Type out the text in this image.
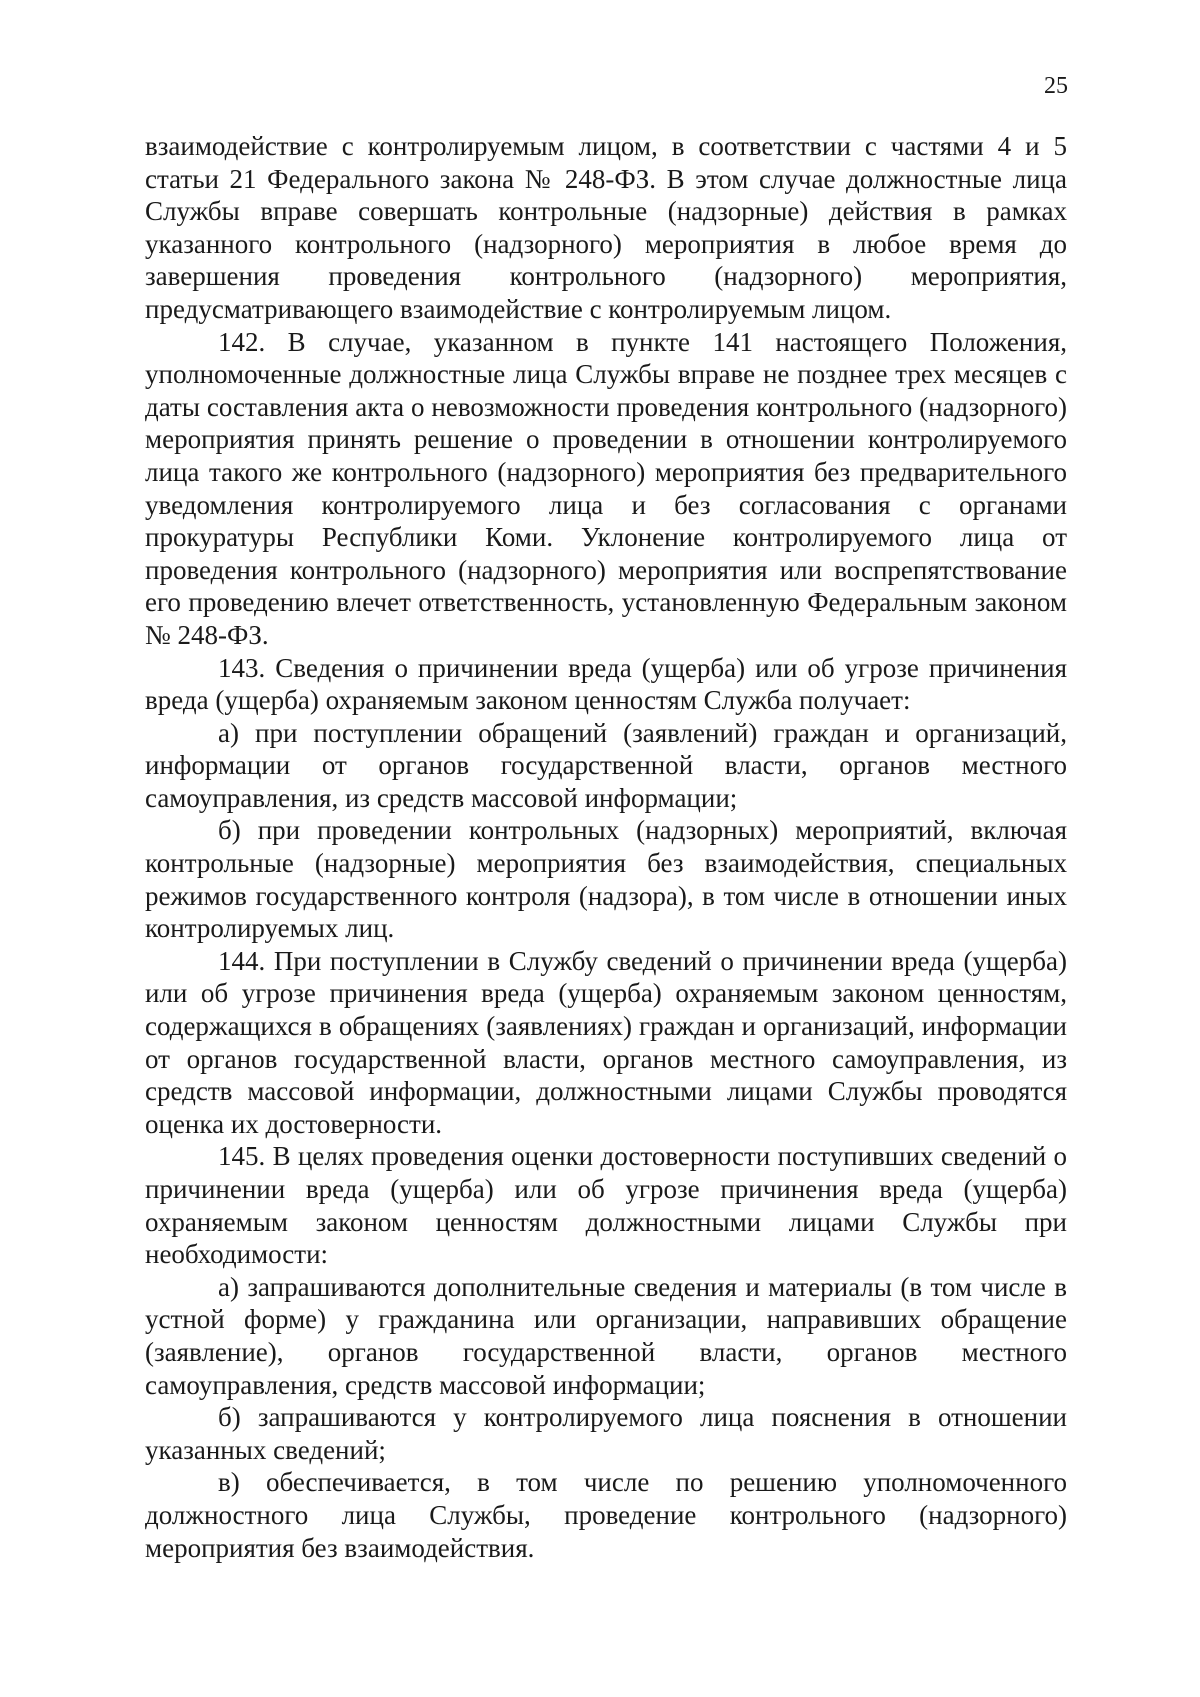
25

взаимодействие с контролируемым лицом, в соответствии с частями 4 и 5 статьи 21 Федерального закона № 248-ФЗ. В этом случае должностные лица Службы вправе совершать контрольные (надзорные) действия в рамках указанного контрольного (надзорного) мероприятия в любое время до завершения проведения контрольного (надзорного) мероприятия, предусматривающего взаимодействие с контролируемым лицом.

142. В случае, указанном в пункте 141 настоящего Положения, уполномоченные должностные лица Службы вправе не позднее трех месяцев с даты составления акта о невозможности проведения контрольного (надзорного) мероприятия принять решение о проведении в отношении контролируемого лица такого же контрольного (надзорного) мероприятия без предварительного уведомления контролируемого лица и без согласования с органами прокуратуры Республики Коми. Уклонение контролируемого лица от проведения контрольного (надзорного) мероприятия или воспрепятствование его проведению влечет ответственность, установленную Федеральным законом № 248-ФЗ.

143. Сведения о причинении вреда (ущерба) или об угрозе причинения вреда (ущерба) охраняемым законом ценностям Служба получает:

а) при поступлении обращений (заявлений) граждан и организаций, информации от органов государственной власти, органов местного самоуправления, из средств массовой информации;

б) при проведении контрольных (надзорных) мероприятий, включая контрольные (надзорные) мероприятия без взаимодействия, специальных режимов государственного контроля (надзора), в том числе в отношении иных контролируемых лиц.

144. При поступлении в Службу сведений о причинении вреда (ущерба) или об угрозе причинения вреда (ущерба) охраняемым законом ценностям, содержащихся в обращениях (заявлениях) граждан и организаций, информации от органов государственной власти, органов местного самоуправления, из средств массовой информации, должностными лицами Службы проводятся оценка их достоверности.

145. В целях проведения оценки достоверности поступивших сведений о причинении вреда (ущерба) или об угрозе причинения вреда (ущерба) охраняемым законом ценностям должностными лицами Службы при необходимости:

а) запрашиваются дополнительные сведения и материалы (в том числе в устной форме) у гражданина или организации, направивших обращение (заявление), органов государственной власти, органов местного самоуправления, средств массовой информации;

б) запрашиваются у контролируемого лица пояснения в отношении указанных сведений;

в) обеспечивается, в том числе по решению уполномоченного должностного лица Службы, проведение контрольного (надзорного) мероприятия без взаимодействия.
